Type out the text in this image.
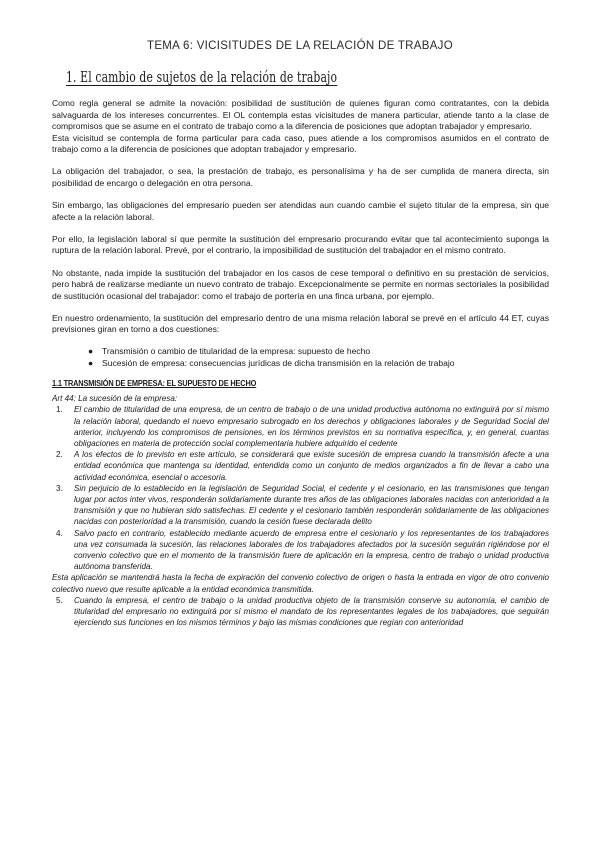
TEMA 6: VICISITUDES DE LA RELACIÓN DE TRABAJO
1. El cambio de sujetos de la relación de trabajo

Como regla general se admite la novación: posibilidad de sustitución de quienes figuran como contratantes, con la debida salvaguarda de los intereses concurrentes. El OL contempla estas vicisitudes de manera particular, atiende tanto a la clase de compromisos que se asume en el contrato de trabajo como a la diferencia de posiciones que adoptan trabajador y empresario.

Esta vicisitud se contempla de forma particular para cada caso, pues atiende a los compromisos asumidos en el contrato de trabajo como a la diferencia de posiciones que adoptan trabajador y empresario.

La obligación del trabajador, o sea, la prestación de trabajo, es personalísima y ha de ser cumplida de manera directa, sin posibilidad de encargo o delegación en otra persona.

Sin embargo, las obligaciones del empresario pueden ser atendidas aun cuando cambie el sujeto titular de la empresa, sin que afecte a la relación laboral.

Por ello, la legislación laboral sí que permite la sustitución del empresario procurando evitar que tal acontecimiento suponga la ruptura de la relación laboral. Prevé, por el contrario, la imposibilidad de sustitución del trabajador en el mismo contrato.

No obstante, nada impide la sustitución del trabajador en los casos de cese temporal o definitivo en su prestación de servicios, pero habrá de realizarse mediante un nuevo contrato de trabajo. Excepcionalmente se permite en normas sectoriales la posibilidad de sustitución ocasional del trabajador: como el trabajo de portería en una finca urbana, por ejemplo.

En nuestro ordenamiento, la sustitución del empresario dentro de una misma relación laboral se prevé en el artículo 44 ET, cuyas previsiones giran en torno a dos cuestiones:

● Transmisión o cambio de titularidad de la empresa: supuesto de hecho
● Sucesión de empresa: consecuencias jurídicas de dicha transmisión en la relación de trabajo
1.1 TRANSMISIÓN DE EMPRESA: EL SUPUESTO DE HECHO
Art 44: La sucesión de la empresa:
1. El cambio de titularidad de una empresa, de un centro de trabajo o de una unidad productiva autónoma no extinguirá por sí mismo la relación laboral, quedando el nuevo empresario subrogado en los derechos y obligaciones laborales y de Seguridad Social del anterior, incluyendo los compromisos de pensiones, en los términos previstos en su normativa específica, y, en general, cuantas obligaciones en materia de protección social complementaria hubiere adquirido el cedente
2. A los efectos de lo previsto en este artículo, se considerará que existe sucesión de empresa cuando la transmisión afecte a una entidad económica que mantenga su identidad, entendida como un conjunto de medios organizados a fin de llevar a cabo una actividad económica, esencial o accesoria.
3. Sin perjuicio de lo establecido en la legislación de Seguridad Social, el cedente y el cesionario, en las transmisiones que tengan lugar por actos inter vivos, responderán solidariamente durante tres años de las obligaciones laborales nacidas con anterioridad a la transmisión y que no hubieran sido satisfechas. El cedente y el cesionario también responderán solidariamente de las obligaciones nacidas con posterioridad a la transmisión, cuando la cesión fuese declarada delito
4. Salvo pacto en contrario, establecido mediante acuerdo de empresa entre el cesionario y los representantes de los trabajadores una vez consumada la sucesión, las relaciones laborales de los trabajadores afectados por la sucesión seguirán rigiéndose por el convenio colectivo que en el momento de la transmisión fuere de aplicación en la empresa, centro de trabajo o unidad productiva autónoma transferida.
Esta aplicación se mantendrá hasta la fecha de expiración del convenio colectivo de origen o hasta la entrada en vigor de otro convenio colectivo nuevo que resulte aplicable a la entidad económica transmitida.
5. Cuando la empresa, el centro de trabajo o la unidad productiva objeto de la transmisión conserve su autonomía, el cambio de titularidad del empresario no extinguirá por sí mismo el mandato de los representantes legales de los trabajadores, que seguirán ejerciendo sus funciones en los mismos términos y bajo las mismas condiciones que regían con anterioridad
